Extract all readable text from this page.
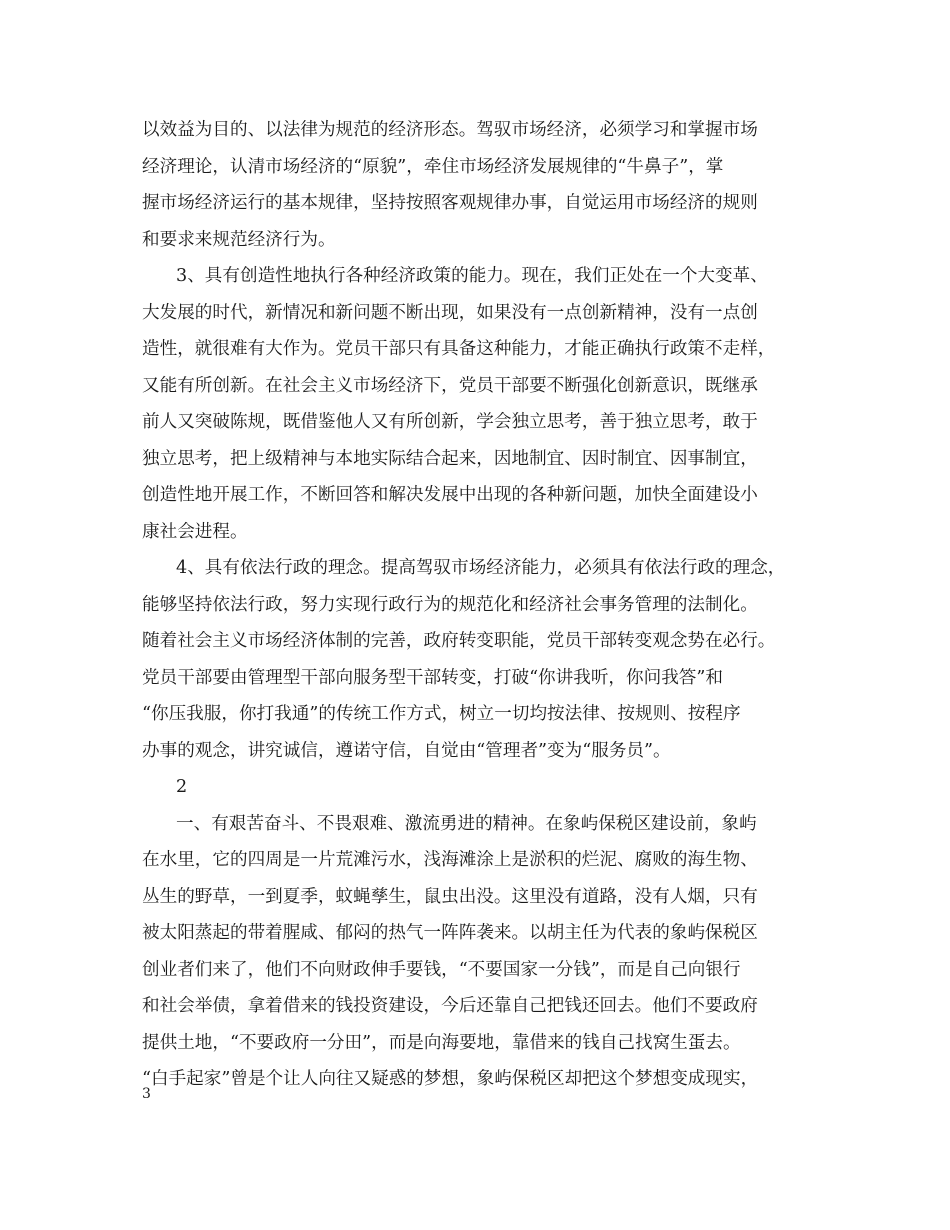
以效益为目的、以法律为规范的经济形态。驾驭市场经济，必须学习和掌握市场
经济理论，认清市场经济的“原貌”，牵住市场经济发展规律的“牛鼻子”，掌
握市场经济运行的基本规律，坚持按照客观规律办事，自觉运用市场经济的规则
和要求来规范经济行为。
3、具有创造性地执行各种经济政策的能力。现在，我们正处在一个大变革、
大发展的时代，新情况和新问题不断出现，如果没有一点创新精神，没有一点创
造性，就很难有大作为。党员干部只有具备这种能力，才能正确执行政策不走样，
又能有所创新。在社会主义市场经济下，党员干部要不断强化创新意识，既继承
前人又突破陈规，既借鉴他人又有所创新，学会独立思考，善于独立思考，敢于
独立思考，把上级精神与本地实际结合起来，因地制宜、因时制宜、因事制宜，
创造性地开展工作，不断回答和解决发展中出现的各种新问题，加快全面建设小
康社会进程。
4、具有依法行政的理念。提高驾驭市场经济能力，必须具有依法行政的理念，
能够坚持依法行政，努力实现行政行为的规范化和经济社会事务管理的法制化。
随着社会主义市场经济体制的完善，政府转变职能，党员干部转变观念势在必行。
党员干部要由管理型干部向服务型干部转变，打破“你讲我听，你问我答”和
“你压我服，你打我通”的传统工作方式，树立一切均按法律、按规则、按程序
办事的观念，讲究诚信，遵诺守信，自觉由“管理者”变为“服务员”。
2
一、有艰苦奋斗、不畏艰难、激流勇进的精神。在象屿保税区建设前，象屿
在水里，它的四周是一片荒滩污水，浅海滩涂上是淤积的烂泥、腐败的海生物、
丛生的野草，一到夏季，蚊蝇孳生，鼠虫出没。这里没有道路，没有人烟，只有
被太阳蒸起的带着腥咸、郁闷的热气一阵阵袭来。以胡主任为代表的象屿保税区
创业者们来了，他们不向财政伸手要钱，“不要国家一分钱”，而是自己向银行
和社会举债，拿着借来的钱投资建设，今后还靠自己把钱还回去。他们不要政府
提供土地，“不要政府一分田”，而是向海要地，靠借来的钱自己找窝生蛋去。
“白手起家”曾是个让人向往又疑惑的梦想，象屿保税区却把这个梦想变成现实，
3
